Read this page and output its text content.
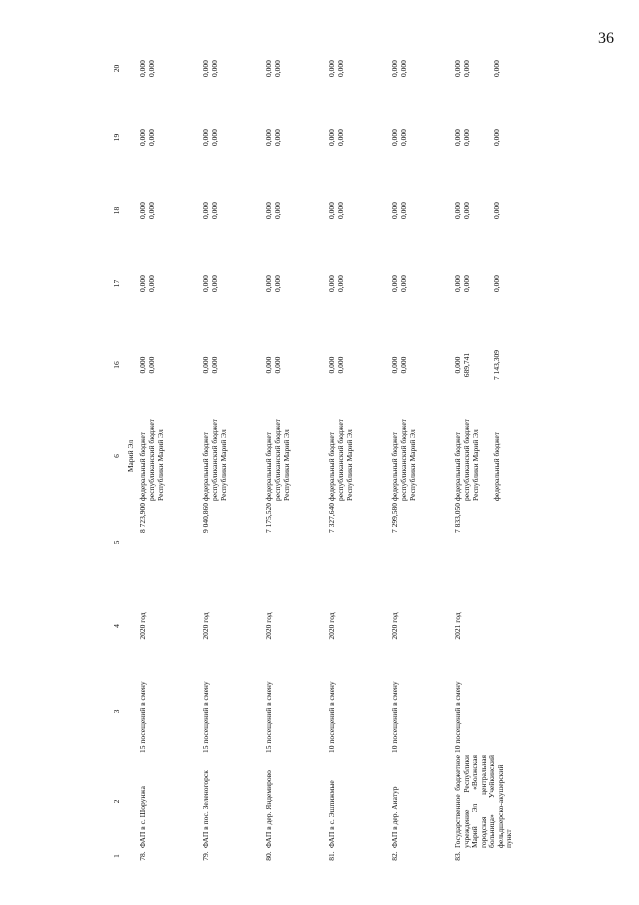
36
1	2	3	4	5	6	16	17	18	19	20
					Марий Эл					
78.	ФАП в с. Шорунжа	15 посещений в смену	2020 год	8 723,900	федеральный бюджет	0,000	0,000	0,000	0,000	0,000
					республиканский бюджет Республики Марий Эл	0,000	0,000	0,000	0,000	0,000
79.	ФАП в пос. Зеленогорск	15 посещений в смену	2020 год	9 040,860	федеральный бюджет	0,000	0,000	0,000	0,000	0,000
					республиканский бюджет Республики Марий Эл	0,000	0,000	0,000	0,000	0,000
80.	ФАП в дер. Яндемирово	15 посещений в смену	2020 год	7 175,520	федеральный бюджет	0,000	0,000	0,000	0,000	0,000
					республиканский бюджет Республики Марий Эл	0,000	0,000	0,000	0,000	0,000
81.	ФАП в с. Эшпижмые	10 посещений в смену	2020 год	7 327,640	федеральный бюджет	0,000	0,000	0,000	0,000	0,000
					республиканский бюджет Республики Марий Эл	0,000	0,000	0,000	0,000	0,000
82.	ФАП в дер. Аиатур	10 посещений в смену	2020 год	7 299,580	федеральный бюджет	0,000	0,000	0,000	0,000	0,000
					республиканский бюджет Республики Марий Эл	0,000	0,000	0,000	0,000	0,000
83.	Государственное бюджетное учреждение Республики Марий Эл «Волжская городская центральная больница» Учейкинский фельдшерско-акушерский пункт	10 посещений в смену	2021 год	7 833,050	федеральный бюджет	0,000	0,000	0,000	0,000	0,000
					республиканский бюджет Республики Марий Эл	689,741	0,000	0,000	0,000	0,000
					федеральный бюджет	7 143,309	0,000	0,000	0,000	0,000
